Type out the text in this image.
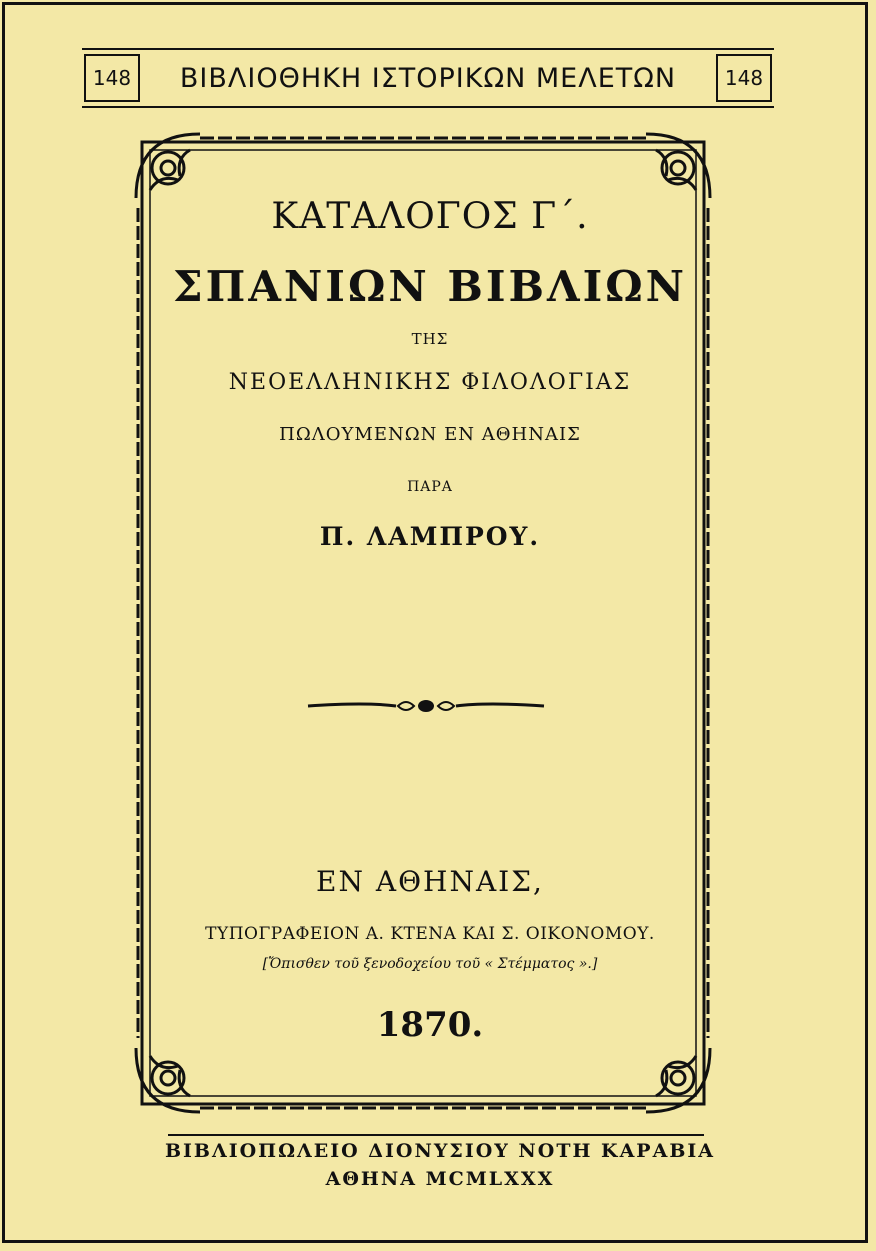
148	ΒΙΒΛΙΟΘΗΚΗ ΙΣΤΟΡΙΚΩΝ ΜΕΛΕΤΩΝ	148
ΚΑΤΑΛΟΓΟΣ Γ΄.
ΣΠΑΝΙΩΝ ΒΙΒΛΙΩΝ
ΤΗΣ
ΝΕΟΕΛΛΗΝΙΚΗΣ ΦΙΛΟΛΟΓΙΑΣ
ΠΩΛΟΥΜΕΝΩΝ ΕΝ ΑΘΗΝΑΙΣ
ΠΑΡΑ
Π. ΛΑΜΠΡΟΥ.
ΕΝ ΑΘΗΝΑΙΣ,
ΤΥΠΟΓΡΑΦΕΙΟΝ Α. ΚΤΕΝΑ ΚΑΙ Σ. ΟΙΚΟΝΟΜΟΥ.
[Ὄπισθεν τοῦ ξενοδοχείου τοῦ « Στέμματος ».]
1870.
ΒΙΒΛΙΟΠΩΛΕΙΟ ΔΙΟΝΥΣΙΟΥ ΝΟΤΗ ΚΑΡΑΒΙΑ
ΑΘΗΝΑ MCMLXXX
